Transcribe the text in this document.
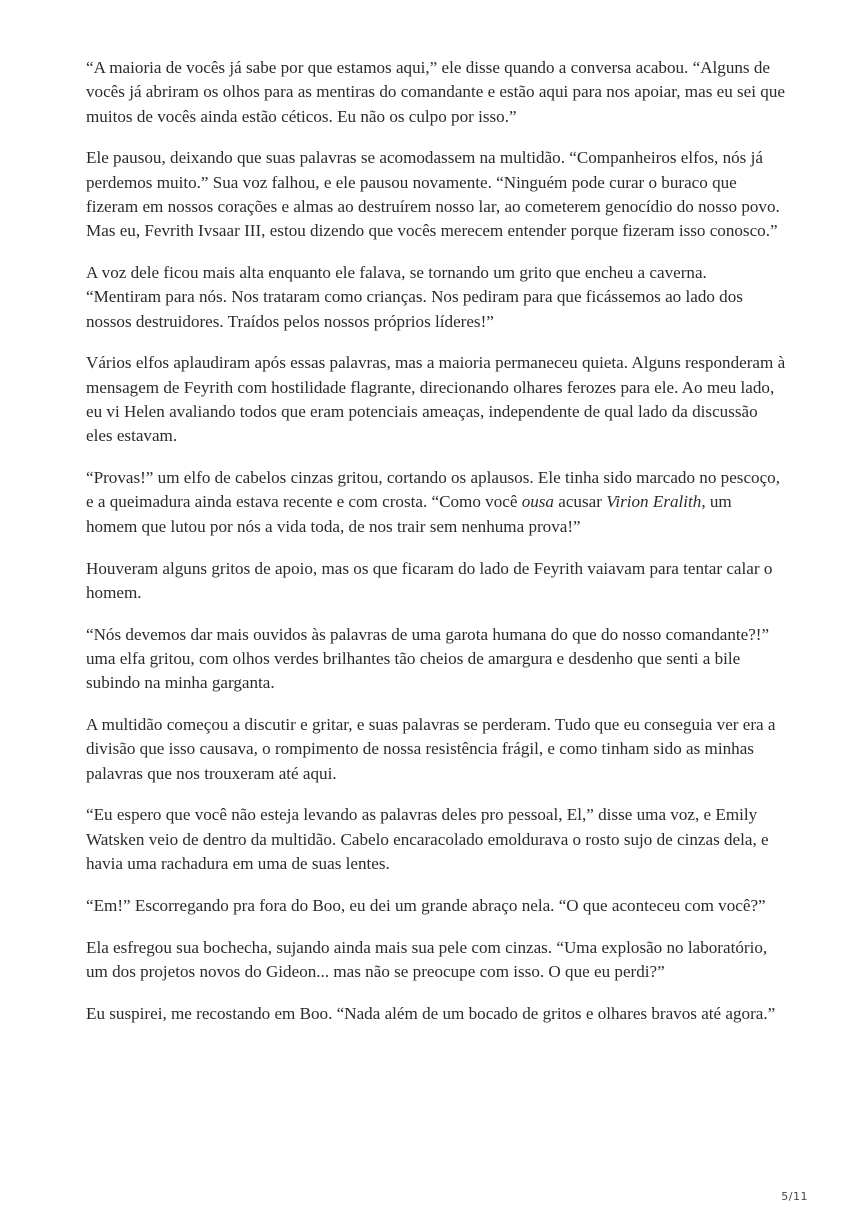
“A maioria de vocês já sabe por que estamos aqui,” ele disse quando a conversa acabou. “Alguns de vocês já abriram os olhos para as mentiras do comandante e estão aqui para nos apoiar, mas eu sei que muitos de vocês ainda estão céticos. Eu não os culpo por isso.”

Ele pausou, deixando que suas palavras se acomodassem na multidão. “Companheiros elfos, nós já perdemos muito.” Sua voz falhou, e ele pausou novamente. “Ninguém pode curar o buraco que fizeram em nossos corações e almas ao destruírem nosso lar, ao cometerem genocídio do nosso povo. Mas eu, Fevrith Ivsaar III, estou dizendo que vocês merecem entender porque fizeram isso conosco.”

A voz dele ficou mais alta enquanto ele falava, se tornando um grito que encheu a caverna. “Mentiram para nós. Nos trataram como crianças. Nos pediram para que ficássemos ao lado dos nossos destruidores. Traídos pelos nossos próprios líderes!”

Vários elfos aplaudiram após essas palavras, mas a maioria permaneceu quieta. Alguns responderam à mensagem de Feyrith com hostilidade flagrante, direcionando olhares ferozes para ele. Ao meu lado, eu vi Helen avaliando todos que eram potenciais ameaças, independente de qual lado da discussão eles estavam.

“Provas!” um elfo de cabelos cinzas gritou, cortando os aplausos. Ele tinha sido marcado no pescoço, e a queimadura ainda estava recente e com crosta. “Como você ousa acusar Virion Eralith, um homem que lutou por nós a vida toda, de nos trair sem nenhuma prova!”

Houveram alguns gritos de apoio, mas os que ficaram do lado de Feyrith vaiavam para tentar calar o homem.

“Nós devemos dar mais ouvidos às palavras de uma garota humana do que do nosso comandante?!” uma elfa gritou, com olhos verdes brilhantes tão cheios de amargura e desdenho que senti a bile subindo na minha garganta.

A multidão começou a discutir e gritar, e suas palavras se perderam. Tudo que eu conseguia ver era a divisão que isso causava, o rompimento de nossa resistência frágil, e como tinham sido as minhas palavras que nos trouxeram até aqui.

“Eu espero que você não esteja levando as palavras deles pro pessoal, El,” disse uma voz, e Emily Watsken veio de dentro da multidão. Cabelo encaracolado emoldurava o rosto sujo de cinzas dela, e havia uma rachadura em uma de suas lentes.

“Em!” Escorregando pra fora do Boo, eu dei um grande abraço nela. “O que aconteceu com você?”

Ela esfregou sua bochecha, sujando ainda mais sua pele com cinzas. “Uma explosão no laboratório, um dos projetos novos do Gideon... mas não se preocupe com isso. O que eu perdi?”

Eu suspirei, me recostando em Boo. “Nada além de um bocado de gritos e olhares bravos até agora.”

5/11
